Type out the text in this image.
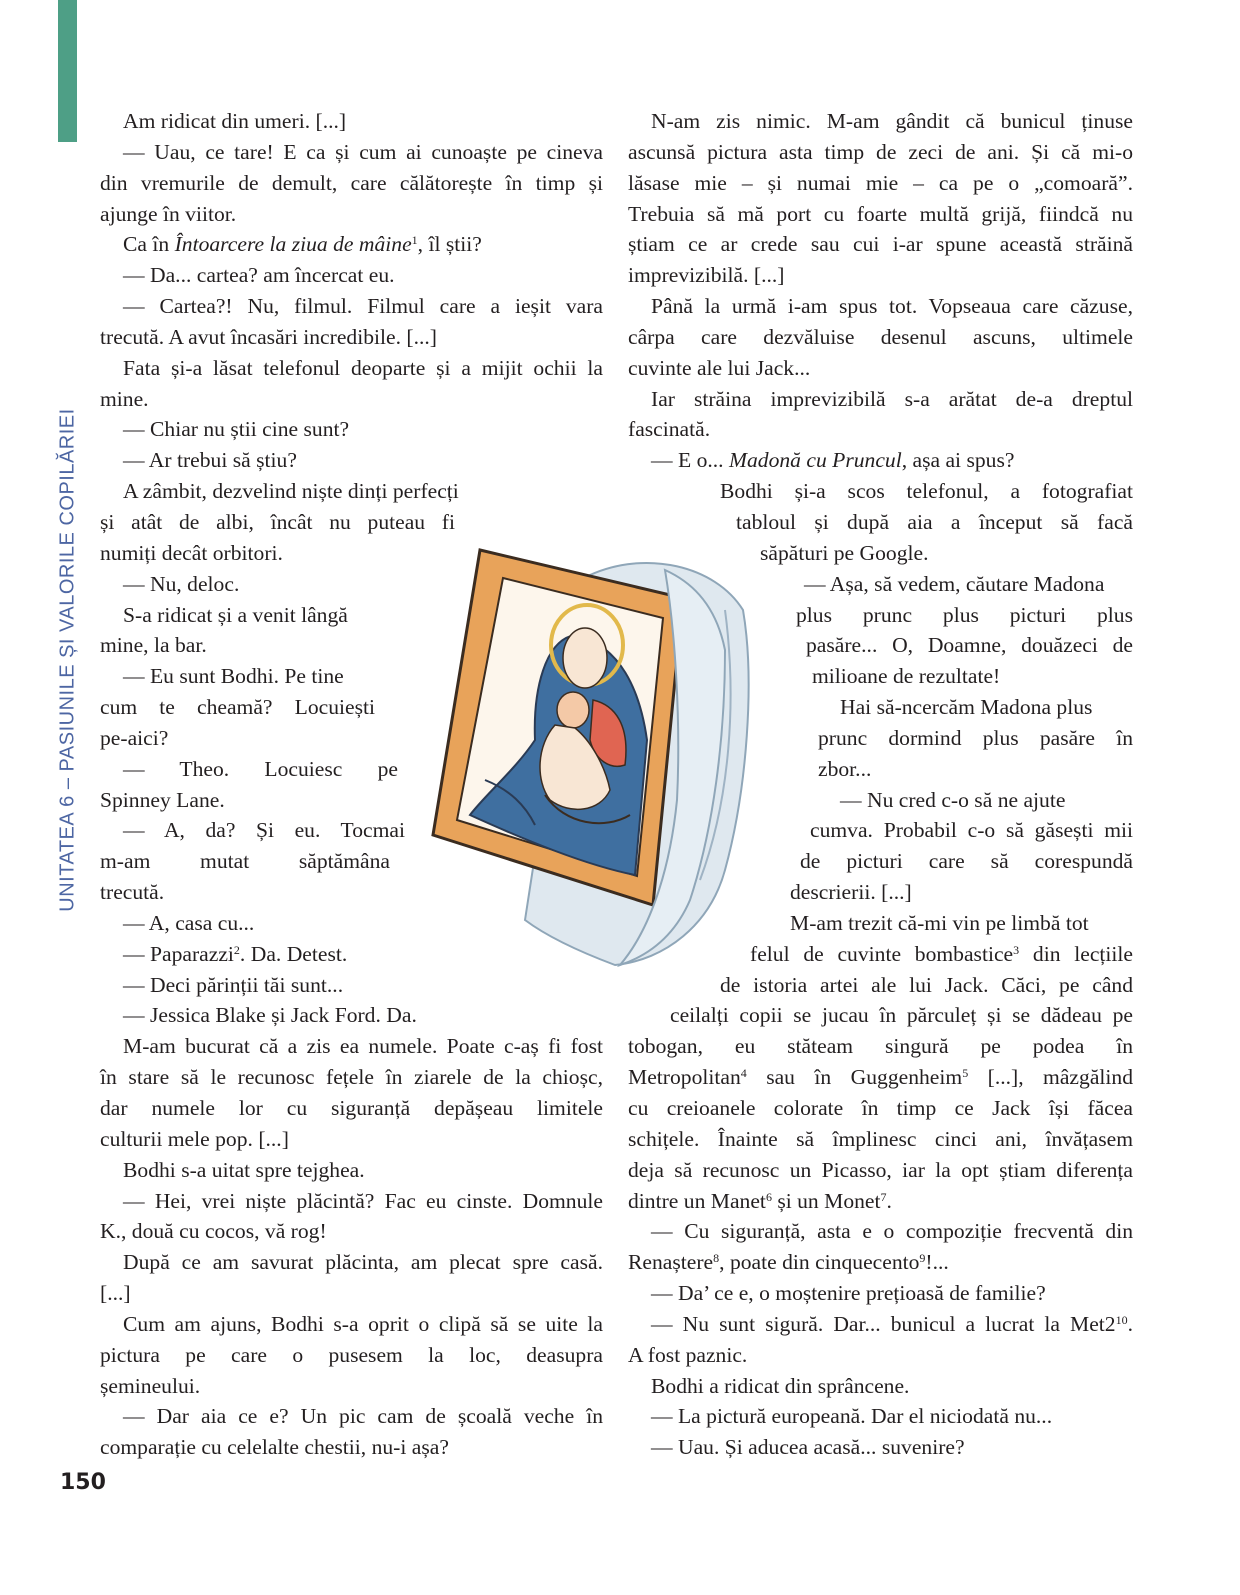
UNITATEA 6 – PASIUNILE ȘI VALORILE COPILĂRIEI
Am ridicat din umeri. [...]
— Uau, ce tare! E ca și cum ai cunoaște pe cineva
din vremurile de demult, care călătorește în timp și
ajunge în viitor.
Ca în Întoarcere la ziua de mâine$^1$, îl știi?
— Da... cartea? am încercat eu.
— Cartea?! Nu, filmul. Filmul care a ieșit vara
trecută. A avut încasări incredibile. [...]
Fata și-a lăsat telefonul deoparte și a mijit ochii la
mine.
— Chiar nu știi cine sunt?
— Ar trebui să știu?
A zâmbit, dezvelind niște dinți perfecți
și atât de albi, încât nu puteau fi
numiți decât orbitori.
— Nu, deloc.
S-a ridicat și a venit lângă
mine, la bar.
— Eu sunt Bodhi. Pe tine
cum te cheamă? Locuiești
pe-aici?
— Theo. Locuiesc pe
Spinney Lane.
— A, da? Și eu. Tocmai
m-am mutat săptămâna
trecută.
— A, casa cu...
— Paparazzi$^2$. Da. Detest.
— Deci părinții tăi sunt...
— Jessica Blake și Jack Ford. Da.
M-am bucurat că a zis ea numele. Poate c-aș fi fost
în stare să le recunosc fețele în ziarele de la chioșc,
dar numele lor cu siguranță depășeau limitele
culturii mele pop. [...]
Bodhi s-a uitat spre tejghea.
— Hei, vrei niște plăcintă? Fac eu cinste. Domnule
K., două cu cocos, vă rog!
După ce am savurat plăcinta, am plecat spre casă.
[...]
Cum am ajuns, Bodhi s-a oprit o clipă să se uite la
pictura pe care o pusesem la loc, deasupra
șemineului.
— Dar aia ce e? Un pic cam de școală veche în
comparație cu celelalte chestii, nu-i așa?
N-am zis nimic. M-am gândit că bunicul ținuse
ascunsă pictura asta timp de zeci de ani. Și că mi-o
lăsase mie – și numai mie – ca pe o „comoară”.
Trebuia să mă port cu foarte multă grijă, fiindcă nu
știam ce ar crede sau cui i-ar spune această străină
imprevizibilă. [...]
Până la urmă i-am spus tot. Vopseaua care căzuse,
cârpa care dezvăluise desenul ascuns, ultimele
cuvinte ale lui Jack...
Iar străina imprevizibilă s-a arătat de-a dreptul
fascinată.
— E o... Madonă cu Pruncul, așa ai spus?
Bodhi și-a scos telefonul, a fotografiat
tabloul și după aia a început să facă
săpături pe Google.
— Așa, să vedem, căutare Madona
plus prunc plus picturi plus
pasăre... O, Doamne, douăzeci de
milioane de rezultate!
Hai să-ncercăm Madona plus
prunc dormind plus pasăre în
zbor...
— Nu cred c-o să ne ajute
cumva. Probabil c-o să găsești mii
de picturi care să corespundă
descrierii. [...]
M-am trezit că-mi vin pe limbă tot
felul de cuvinte bombastice$^3$ din lecțiile
de istoria artei ale lui Jack. Căci, pe când
ceilalți copii se jucau în părculeț și se dădeau pe
tobogan, eu stăteam singură pe podea în
Metropolitan$^4$ sau în Guggenheim$^5$ [...], mâzgălind
cu creioanele colorate în timp ce Jack își făcea
schițele. Înainte să împlinesc cinci ani, învățasem
deja să recunosc un Picasso, iar la opt știam diferența
dintre un Manet$^6$ și un Monet$^7$.
— Cu siguranță, asta e o compoziție frecventă din
Renaștere$^8$, poate din cinquecento$^9$!...
— Da’ ce e, o moștenire prețioasă de familie?
— Nu sunt sigură. Dar... bunicul a lucrat la $Met2^{10}$.
A fost paznic.
Bodhi a ridicat din sprâncene.
— La pictură europeană. Dar el niciodată nu...
— Uau. Și aducea acasă... suvenire?
150
